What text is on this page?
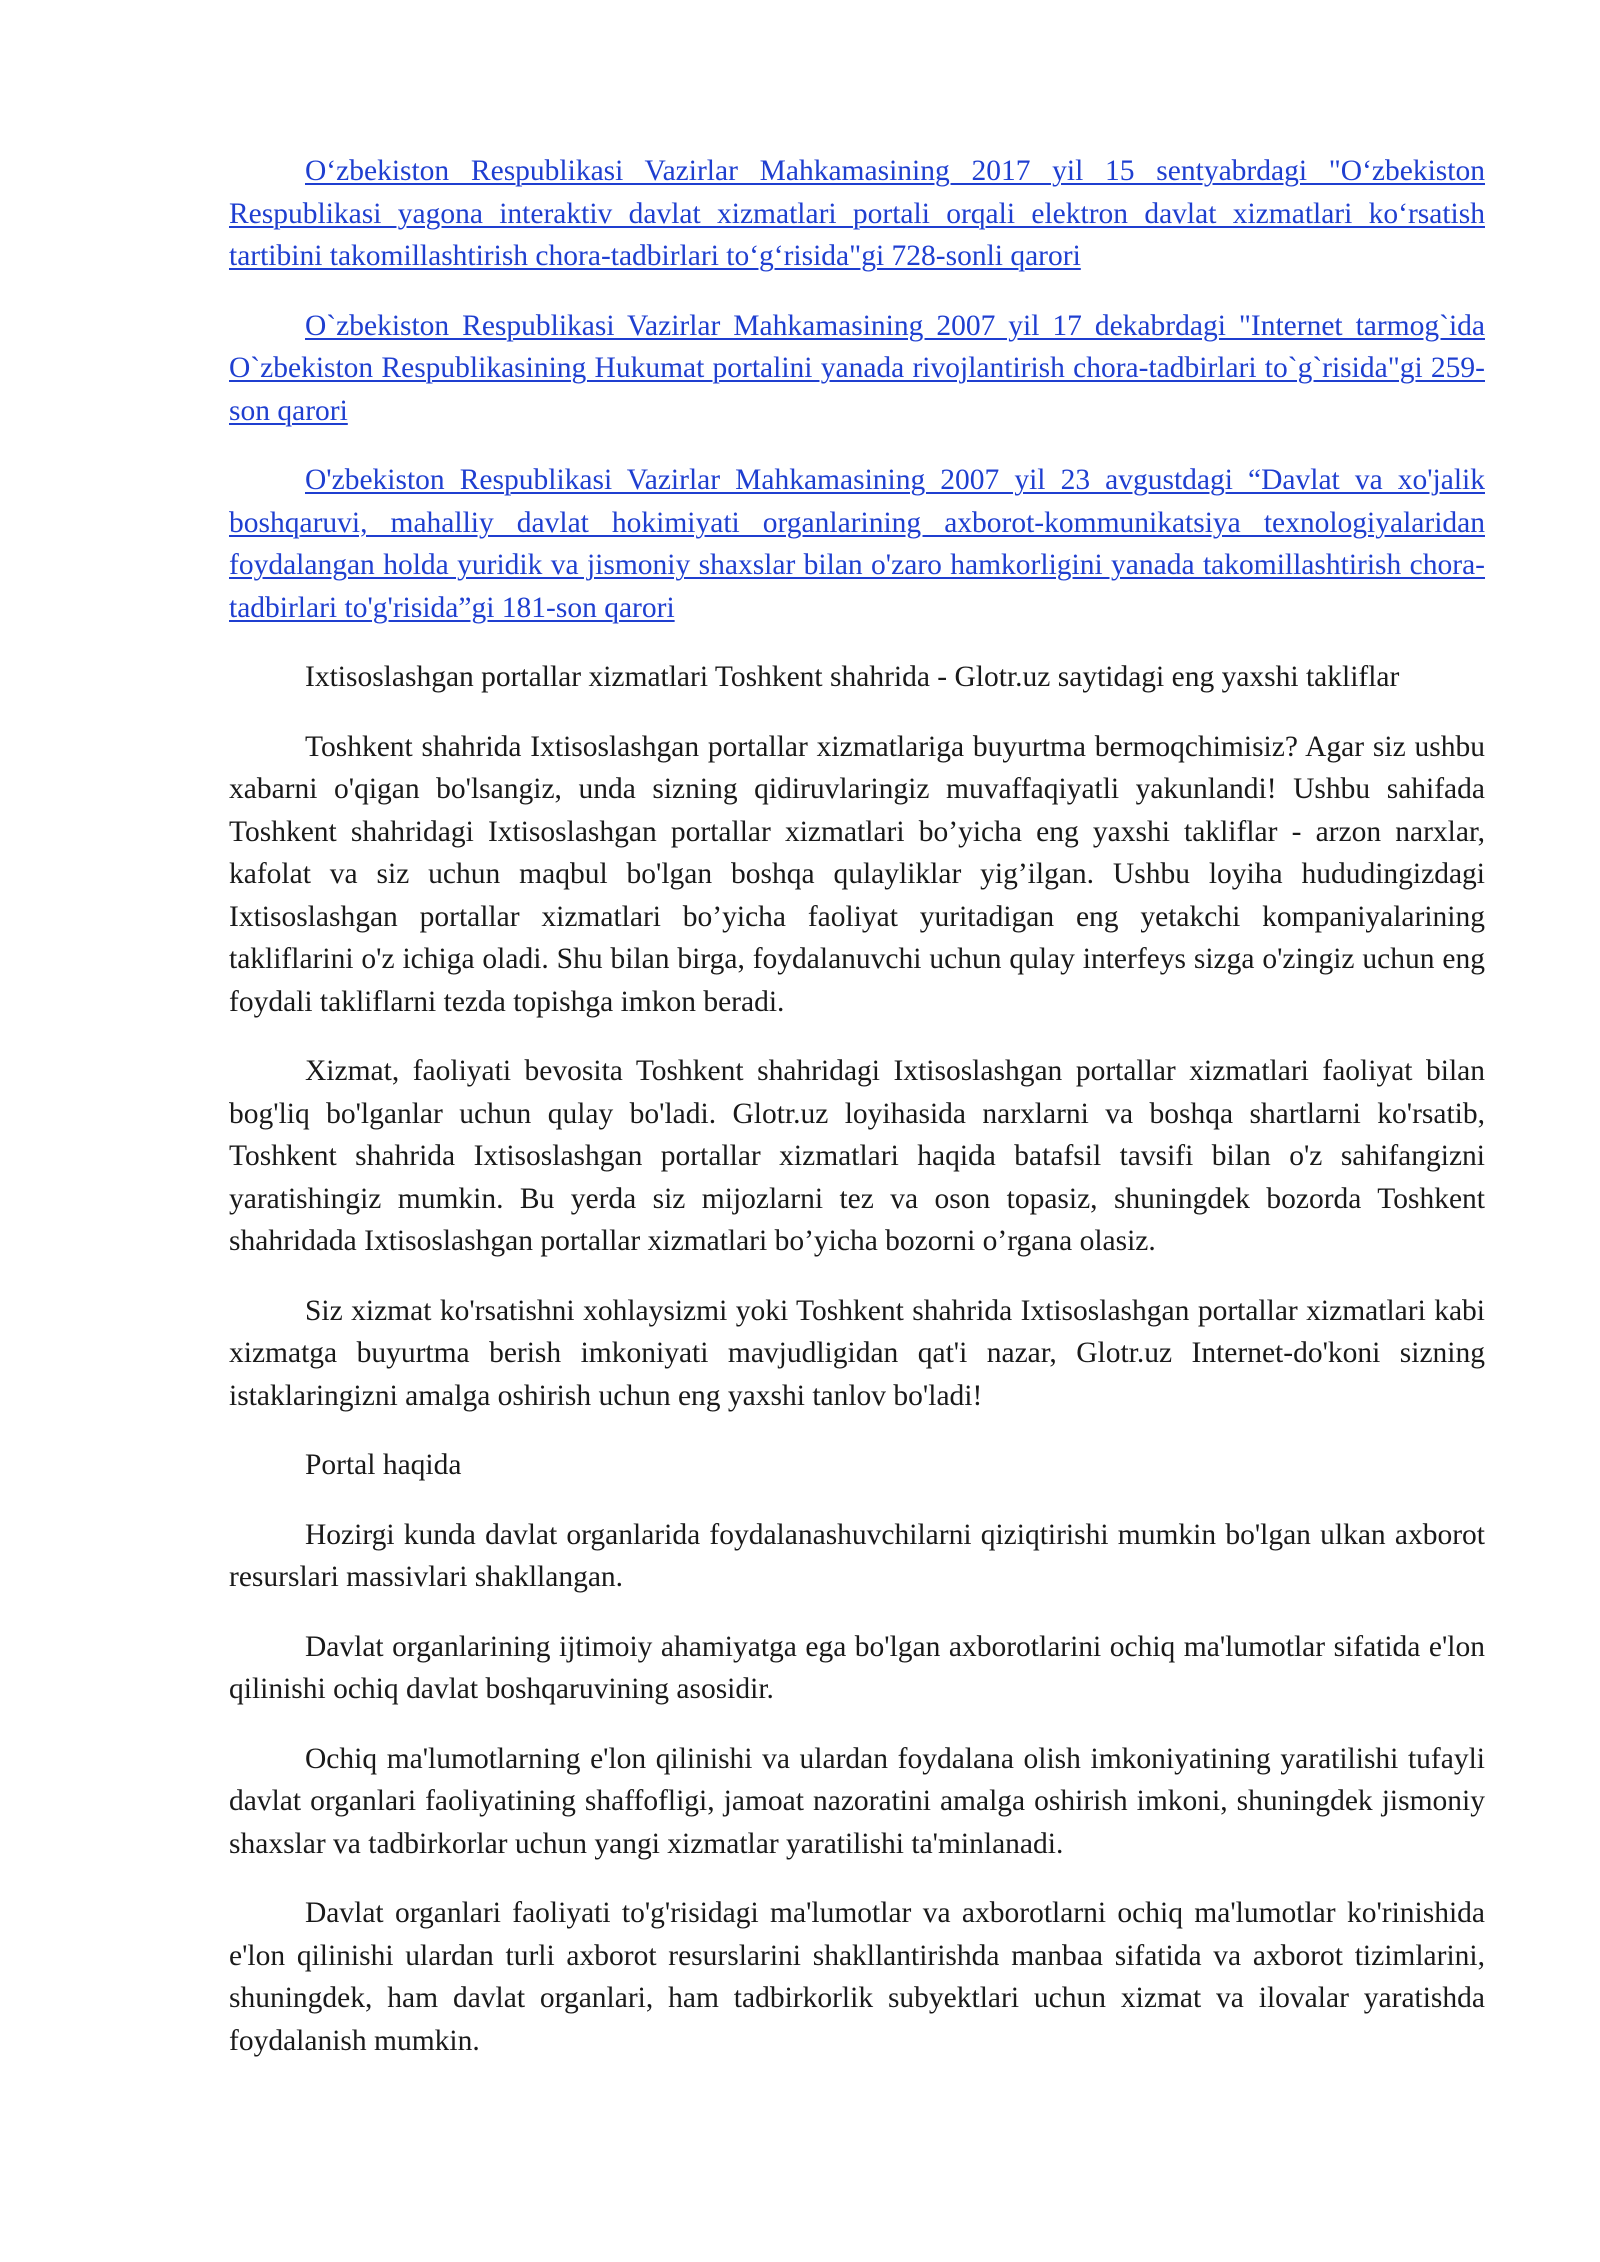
O‘zbekiston Respublikasi Vazirlar Mahkamasining 2017 yil 15 sentyabrdagi "O‘zbekiston Respublikasi yagona interaktiv davlat xizmatlari portali orqali elektron davlat xizmatlari ko‘rsatish tartibini takomillashtirish chora-tadbirlari to‘g‘risida"gi 728-sonli qarori

O`zbekiston Respublikasi Vazirlar Mahkamasining 2007 yil 17 dekabrdagi "Internet tarmog`ida O`zbekiston Respublikasining Hukumat portalini yanada rivojlantirish chora-tadbirlari to`g`risida"gi 259-son qarori

O'zbekiston Respublikasi Vazirlar Mahkamasining 2007 yil 23 avgustdagi “Davlat va xo'jalik boshqaruvi, mahalliy davlat hokimiyati organlarining axborot-kommunikatsiya texnologiyalaridan foydalangan holda yuridik va jismoniy shaxslar bilan o'zaro hamkorligini yanada takomillashtirish chora-tadbirlari to'g'risida”gi 181-son qarori

Ixtisoslashgan portallar xizmatlari Toshkent shahrida - Glotr.uz saytidagi eng yaxshi takliflar

Toshkent shahrida Ixtisoslashgan portallar xizmatlariga buyurtma bermoqchimisiz? Agar siz ushbu xabarni o'qigan bo'lsangiz, unda sizning qidiruvlaringiz muvaffaqiyatli yakunlandi! Ushbu sahifada Toshkent shahridagi Ixtisoslashgan portallar xizmatlari bo’yicha eng yaxshi takliflar - arzon narxlar, kafolat va siz uchun maqbul bo'lgan boshqa qulayliklar yig’ilgan. Ushbu loyiha hududingizdagi Ixtisoslashgan portallar xizmatlari bo’yicha faoliyat yuritadigan eng yetakchi kompaniyalarining takliflarini o'z ichiga oladi. Shu bilan birga, foydalanuvchi uchun qulay interfeys sizga o'zingiz uchun eng foydali takliflarni tezda topishga imkon beradi.

Xizmat, faoliyati bevosita Toshkent shahridagi Ixtisoslashgan portallar xizmatlari faoliyat bilan bog'liq bo'lganlar uchun qulay bo'ladi. Glotr.uz loyihasida narxlarni va boshqa shartlarni ko'rsatib, Toshkent shahrida Ixtisoslashgan portallar xizmatlari haqida batafsil tavsifi bilan o'z sahifangizni yaratishingiz mumkin. Bu yerda siz mijozlarni tez va oson topasiz, shuningdek bozorda Toshkent shahridada Ixtisoslashgan portallar xizmatlari bo’yicha bozorni o’rgana olasiz.

Siz xizmat ko'rsatishni xohlaysizmi yoki Toshkent shahrida Ixtisoslashgan portallar xizmatlari kabi xizmatga buyurtma berish imkoniyati mavjudligidan qat'i nazar, Glotr.uz Internet-do'koni sizning istaklaringizni amalga oshirish uchun eng yaxshi tanlov bo'ladi!

Portal haqida

Hozirgi kunda davlat organlarida foydalanashuvchilarni qiziqtirishi mumkin bo'lgan ulkan axborot resurslari massivlari shakllangan.

Davlat organlarining ijtimoiy ahamiyatga ega bo'lgan axborotlarini ochiq ma'lumotlar sifatida e'lon qilinishi ochiq davlat boshqaruvining asosidir.

Ochiq ma'lumotlarning e'lon qilinishi va ulardan foydalana olish imkoniyatining yaratilishi tufayli davlat organlari faoliyatining shaffofligi, jamoat nazoratini amalga oshirish imkoni, shuningdek jismoniy shaxslar va tadbirkorlar uchun yangi xizmatlar yaratilishi ta'minlanadi.

Davlat organlari faoliyati to'g'risidagi ma'lumotlar va axborotlarni ochiq ma'lumotlar ko'rinishida e'lon qilinishi ulardan turli axborot resurslarini shakllantirishda manbaa sifatida va axborot tizimlarini, shuningdek, ham davlat organlari, ham tadbirkorlik subyektlari uchun xizmat va ilovalar yaratishda foydalanish mumkin.
